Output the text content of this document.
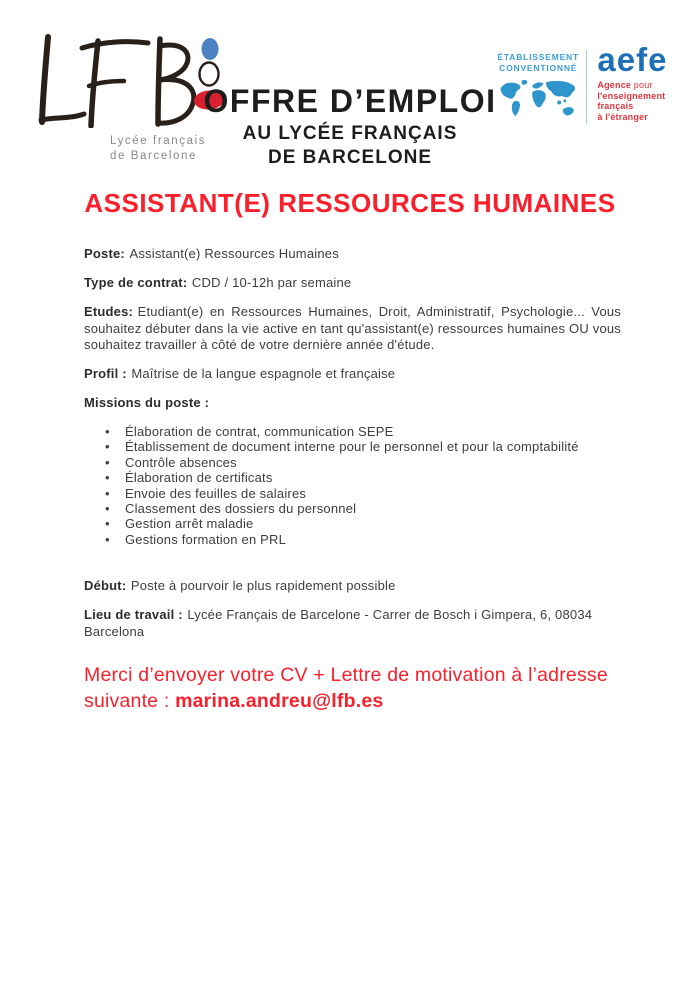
Lycée français
de Barcelone
OFFRE D’EMPLOI
AU LYCÉE FRANÇAIS
DE BARCELONE
ÉTABLISSEMENT
CONVENTIONNÉ aefe
Agence pour
l'enseignement français
à l'étranger
ASSISTANT(E) RESSOURCES HUMAINES

Poste: Assistant(e) Ressources Humaines

Type de contrat: CDD / 10-12h par semaine

Etudes: Etudiant(e) en Ressources Humaines, Droit, Administratif, Psychologie... Vous souhaitez débuter dans la vie active en tant qu'assistant(e) ressources humaines OU vous souhaitez travailler à côté de votre dernière année d'étude.

Profil : Maîtrise de la langue espagnole et française

Missions du poste :

• Élaboration de contrat, communication SEPE
• Établissement de document interne pour le personnel et pour la comptabilité
• Contrôle absences
• Élaboration de certificats
• Envoie des feuilles de salaires
• Classement des dossiers du personnel
• Gestion arrêt maladie
• Gestions formation en PRL

Début: Poste à pourvoir le plus rapidement possible

Lieu de travail : Lycée Français de Barcelone - Carrer de Bosch i Gimpera, 6, 08034 Barcelona

Merci d’envoyer votre CV + Lettre de motivation à l’adresse suivante : marina.andreu@lfb.es
